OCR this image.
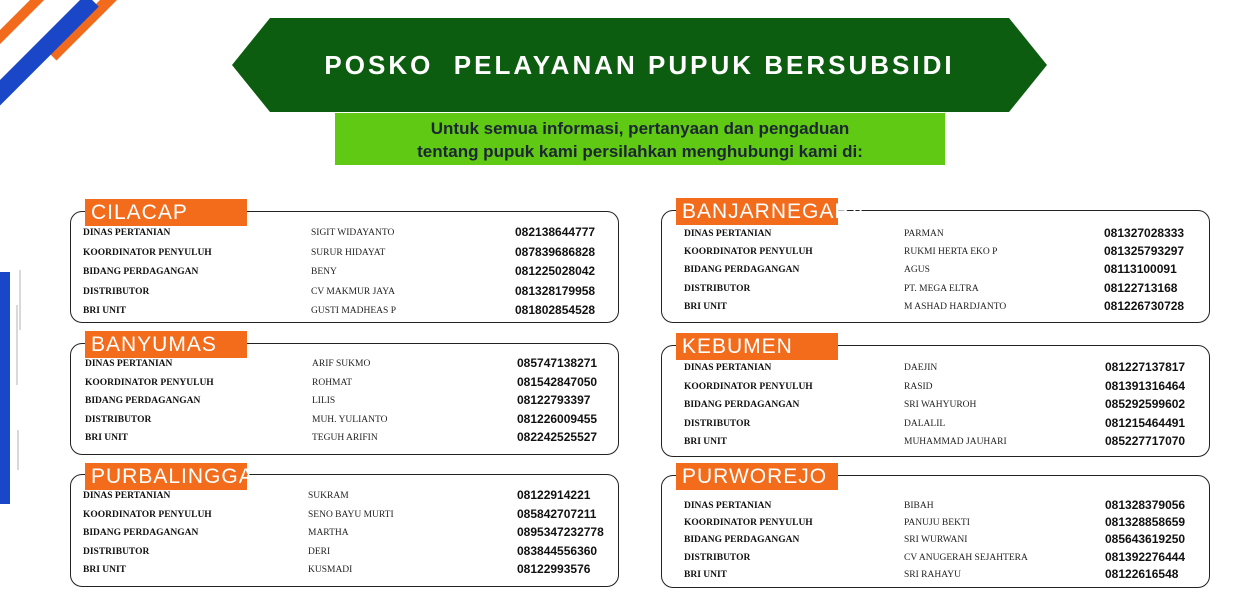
POSKO  PELAYANAN PUPUK BERSUBSIDI
Untuk semua informasi, pertanyaan dan pengaduan
tentang pupuk kami persilahkan menghubungi kami di:
DINAS PERTANIAN	SIGIT WIDAYANTO	082138644777
KOORDINATOR PENYULUH	SURUR HIDAYAT	087839686828
BIDANG PERDAGANGAN	BENY	081225028042
DISTRIBUTOR	CV MAKMUR JAYA	081328179958
BRI UNIT	GUSTI MADHEAS P	081802854528
CILACAP
DINAS PERTANIAN	ARIF SUKMO	085747138271
KOORDINATOR PENYULUH	ROHMAT	081542847050
BIDANG PERDAGANGAN	LILIS	08122793397
DISTRIBUTOR	MUH. YULIANTO	081226009455
BRI UNIT	TEGUH ARIFIN	082242525527
BANYUMAS
DINAS PERTANIAN	SUKRAM	08122914221
KOORDINATOR PENYULUH	SENO BAYU MURTI	085842707211
BIDANG PERDAGANGAN	MARTHA	0895347232778
DISTRIBUTOR	DERI	083844556360
BRI UNIT	KUSMADI	08122993576
PURBALINGGA
DINAS PERTANIAN	PARMAN	081327028333
KOORDINATOR PENYULUH	RUKMI HERTA EKO P	081325793297
BIDANG PERDAGANGAN	AGUS	08113100091
DISTRIBUTOR	PT. MEGA ELTRA	08122713168
BRI UNIT	M ASHAD HARDJANTO	081226730728
BANJARNEGARA
DINAS PERTANIAN	DAEJIN	081227137817
KOORDINATOR PENYULUH	RASID	081391316464
BIDANG PERDAGANGAN	SRI WAHYUROH	085292599602
DISTRIBUTOR	DALALIL	081215464491
BRI UNIT	MUHAMMAD JAUHARI	085227717070
KEBUMEN
DINAS PERTANIAN	BIBAH	081328379056
KOORDINATOR PENYULUH	PANUJU BEKTI	081328858659
BIDANG PERDAGANGAN	SRI WURWANI	085643619250
DISTRIBUTOR	CV ANUGERAH SEJAHTERA	081392276444
BRI UNIT	SRI RAHAYU	08122616548
PURWOREJO
